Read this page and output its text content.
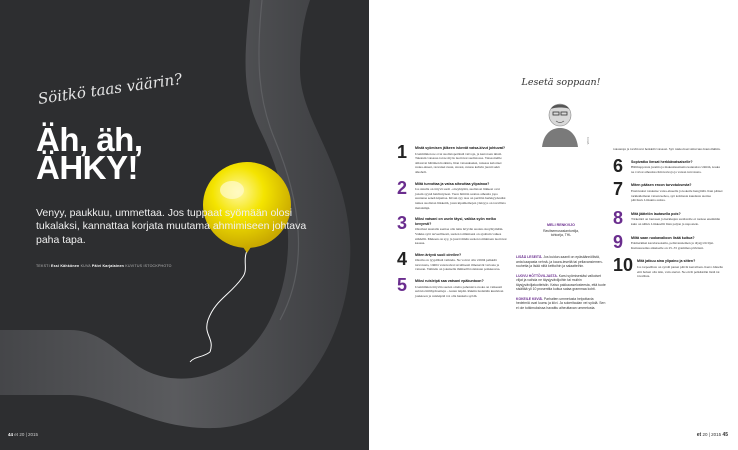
Söitkö taas väärin?
Äh, äh,
ÄHKY!
Venyy, paukkuu, ummettaa. Jos tuppaat syömään olosi tukalaksi, kannattaa korjata muutama ahmimiseen johtava paha tapa.
TEKSTI Essi Kähkönen KUVA Päivi Karjalainen KUVITUS ISTOCKPHOTO
44 et 20 | 2015
1 Mistä syömisen jälkeen iskevät vatsa-kivut johtuvat?
Useimmiten ne ovat suolistoperäisiä vaivoja, ja kerrotaan niistä. Takaisin vatsassa tai ne myös tuottavat suolistossa. Vatsaoireille altistavat hätäinen hotkinta, liian vatsaukseksi, runsaas kaloriset ruoka-aineet, rasvaiset ruuat, stressi, runsas kahvin juonti sekä alkoholi.
2 Miltä turvottaa ja vatsa aiheuttaa ylipainoa?
Jos sinulla on ärtyvä suoli -oireyhtymä, suolistosi liikkeet ovat jonain syynä hairiintyneet. Tuon häiriön saattaa aiheutta jopa suuranaa seneä kiputtaa. Kivun syy taas on perätön herkkyydestäsi tuntea suoliston liikkeitä, joten kipuhiemojen yleisyys on tavallista matalampi.
3 Miksi vatsani on usein täysi, vaikka syön melko kevyesti?
Oireilusi taustalla saattaa olla tuttu ärtyvän suolen oireyhtymään. Vaikka syöt terveellisesti, suolen toimintaasi on ajoittain vaikea säädellä. Mukaan on syy, ja juuri tämän suolen toimintaan tuottavat kaasua.
4 Miten ärtyvä suoli oireilee?
Oireilu on tyypillistä vaihtelu. Ne voivat olla välillä pelkkää turvotusta, välillä vatsavaivat tavallisesti ilmenevät vaivana ja vatsaan. Vaihtelu on jokaisella ihmisellä toisistaan poikkeavaa.
5 Miksi ruisleipä saa vatsani epäkuntoon?
Useimmiten ärtyvän suolen oireita pahentava ruoka on vaikeasti sulavia hiilihydraatteja – kuten leipää. Rukiin tiedetään kuuluvan joukkoon ja ruisleipää voi olla hankala syödä.
Lesetä soppaan!
KUVA
MELI RENKVIJO
Ravitsemusasiantuntija,
tohtorija, THL

LISÄÄ LESEITÄ. Jos kuidun-saanti on epäsäännöllistä, anta kaapasta vehnä- ja kaura-leseitä tai pellavansiemen-rouhetta ja lisää niitä keittoihin ja salaatteihin.

LUOVU HÖTTÖVILJASTA. Karsi syömisestäsi valkoiset viljat ja vaihda ne täysjyväviljoihin tai muihin täysjyväviljatuotteisiin. Katso pakkausselosteesta, että tuote sisältää yli 10 prosenttia kuitua sataa grammaa kohti.

KOKEILE KIIVIÄ. Parhaiten ummetusta helpottavia hedelmiä ovat luumu ja kiivi. Ja sokeritaulan vei syödä. Sen ei ole tutkimuksissa havaittu aiheuttavan ummetusta.

tokaanaja ja tarvittavat herkkää vatsaasi. Syö ruuka haavoittuvuus hautoiluihin.
6 Sopivatko limsat herkkävatsaiselle?
Hiilihappoista juomia ja makeutusaineita kannattaa välttää, koska ne voivat aiheuttaa ilmavaivoja ja vatsan turvotusta.
7 Miten pääsen eroon turvotuksesta?
Ensiavuksi roiskaise vatsa-alueelle ja kokeile hengittää. Kun pääset tarkkailemaan vatsan kehoa, syö kolmesta kuudesta ateriaa päivässä. Liikunta auttaa.
8 Mitä jäätelön lautasella pois?
Tärkeintä on lautasen ja herkkujen suolistolle ei ruokaa enemmän kuin on nälkä. Liikkeellä liian paljon ja napostele.
9 Miltä saan ruokavalioon lisää kuitua?
Esimerkiksi kasvisruokailu, pellavansiemen ja täysjyväviljat. Kuitusuositus aikuiselle on 25–35 grammaa päivässä.
10 Mitä jatkuu aina ylipaino ja sitten?
Jos tarpeellista on syödä pienet päivät kerrallaan. Kerro hänelle että haluat olla niin, vain ateriat. Ne eivät pelkästään lisää tai tavallista.
et 20 | 2015 45
